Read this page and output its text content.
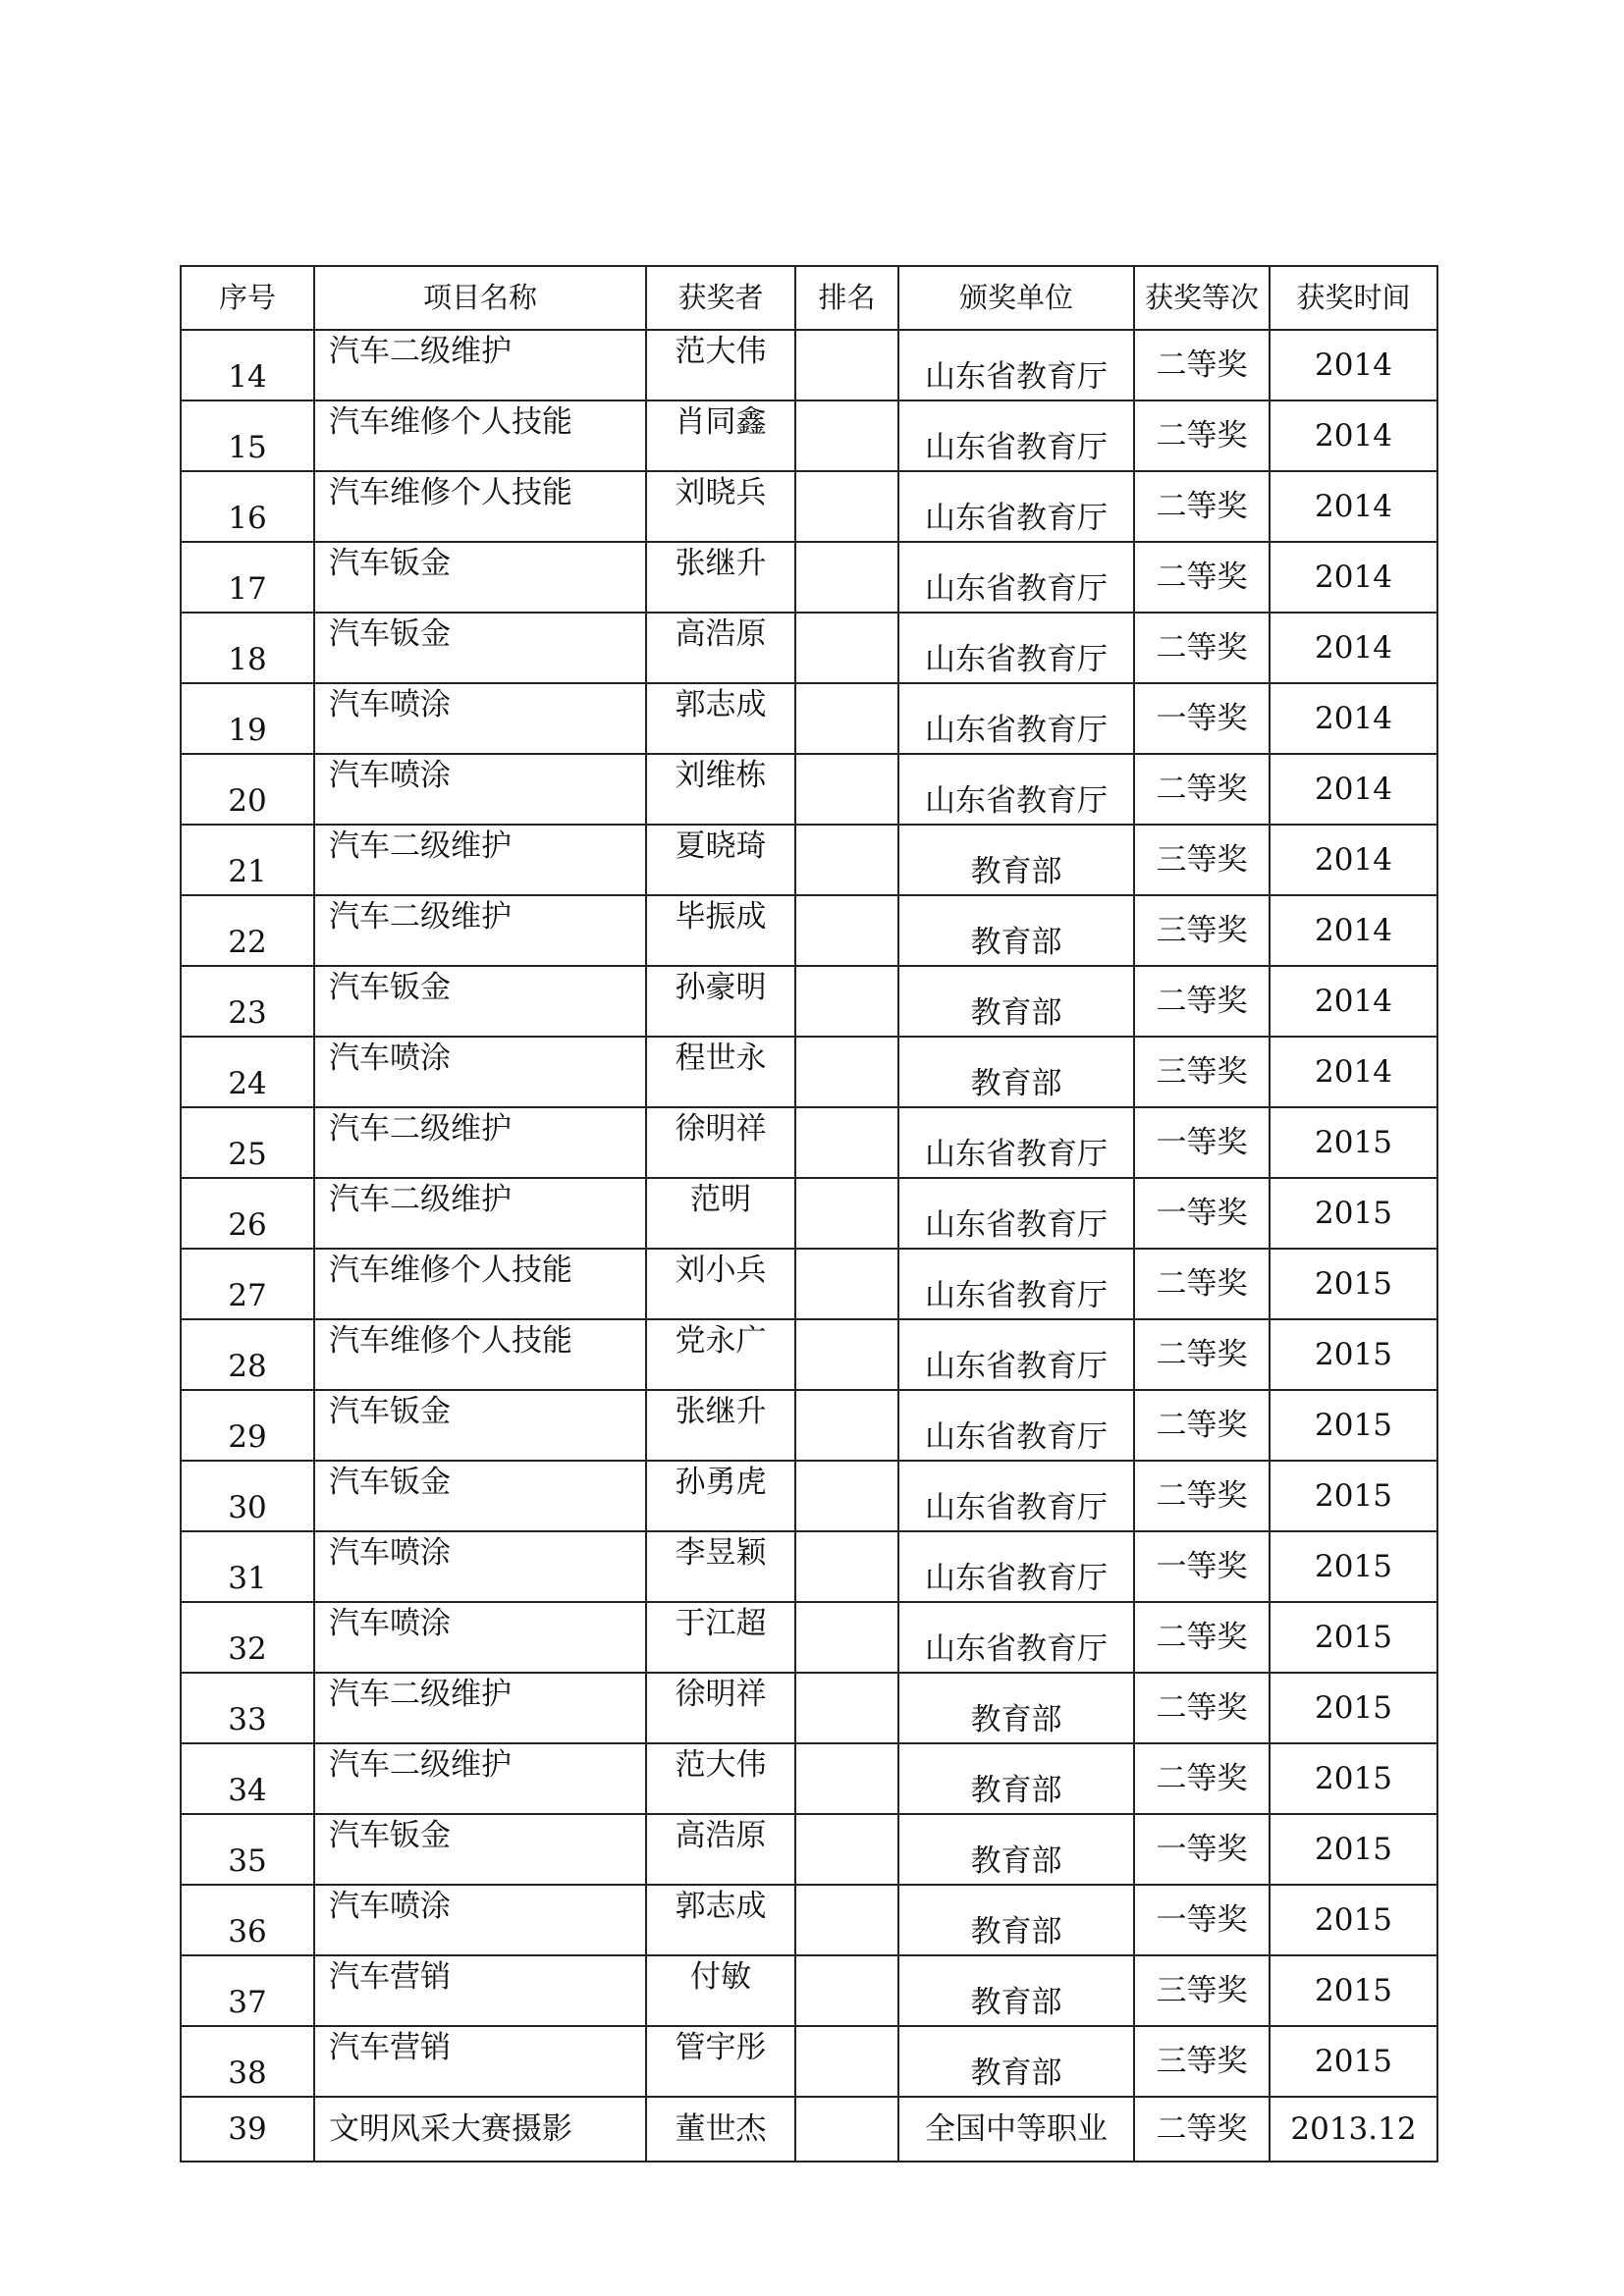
序号	项目名称	获奖者	排名	颁奖单位	获奖等次	获奖时间
14	汽车二级维护	范大伟		山东省教育厅	二等奖	2014
15	汽车维修个人技能	肖同鑫		山东省教育厅	二等奖	2014
16	汽车维修个人技能	刘晓兵		山东省教育厅	二等奖	2014
17	汽车钣金	张继升		山东省教育厅	二等奖	2014
18	汽车钣金	高浩原		山东省教育厅	二等奖	2014
19	汽车喷涂	郭志成		山东省教育厅	一等奖	2014
20	汽车喷涂	刘维栋		山东省教育厅	二等奖	2014
21	汽车二级维护	夏晓琦		教育部	三等奖	2014
22	汽车二级维护	毕振成		教育部	三等奖	2014
23	汽车钣金	孙豪明		教育部	二等奖	2014
24	汽车喷涂	程世永		教育部	三等奖	2014
25	汽车二级维护	徐明祥		山东省教育厅	一等奖	2015
26	汽车二级维护	范明		山东省教育厅	一等奖	2015
27	汽车维修个人技能	刘小兵		山东省教育厅	二等奖	2015
28	汽车维修个人技能	党永广		山东省教育厅	二等奖	2015
29	汽车钣金	张继升		山东省教育厅	二等奖	2015
30	汽车钣金	孙勇虎		山东省教育厅	二等奖	2015
31	汽车喷涂	李昱颖		山东省教育厅	一等奖	2015
32	汽车喷涂	于江超		山东省教育厅	二等奖	2015
33	汽车二级维护	徐明祥		教育部	二等奖	2015
34	汽车二级维护	范大伟		教育部	二等奖	2015
35	汽车钣金	高浩原		教育部	一等奖	2015
36	汽车喷涂	郭志成		教育部	一等奖	2015
37	汽车营销	付敏		教育部	三等奖	2015
38	汽车营销	管宇彤		教育部	三等奖	2015
39	文明风采大赛摄影	董世杰		全国中等职业	二等奖	2013.12
